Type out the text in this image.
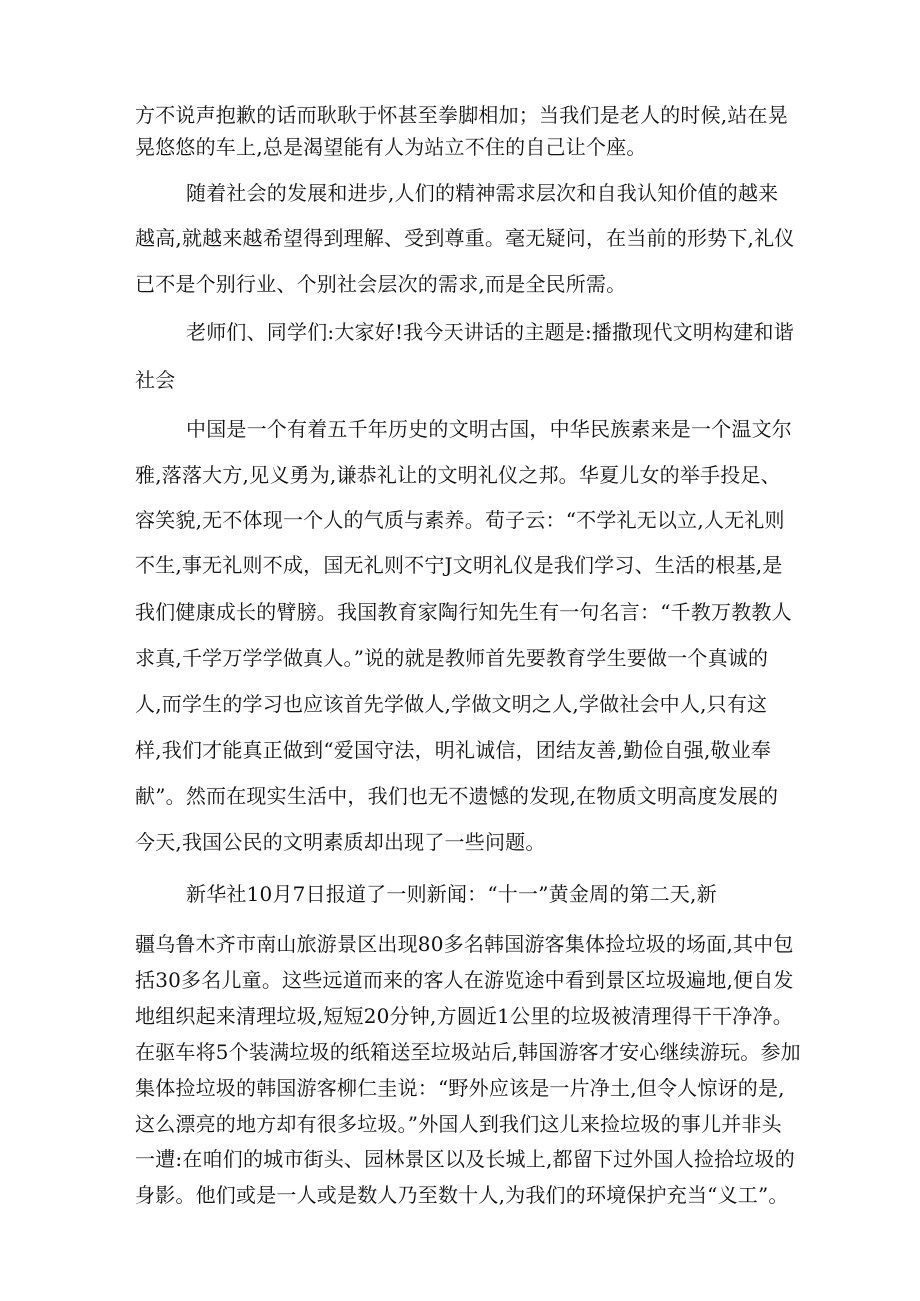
方不说声抱歉的话而耿耿于怀甚至拳脚相加；当我们是老人的时候,站在晃
晃悠悠的车上,总是渴望能有人为站立不住的自己让个座。
随着社会的发展和进步,人们的精神需求层次和自我认知价值的越来
越高,就越来越希望得到理解、受到尊重。毫无疑问，在当前的形势下,礼仪
已不是个别行业、个别社会层次的需求,而是全民所需。
老师们、同学们:大家好!我今天讲话的主题是:播撒现代文明构建和谐
社会
中国是一个有着五千年历史的文明古国，中华民族素来是一个温文尔
雅,落落大方,见义勇为,谦恭礼让的文明礼仪之邦。华夏儿女的举手投足、
容笑貌,无不体现一个人的气质与素养。荀子云：“不学礼无以立,人无礼则
不生,事无礼则不成，国无礼则不宁J文明礼仪是我们学习、生活的根基,是
我们健康成长的臂膀。我国教育家陶行知先生有一句名言：“千教万教教人
求真,千学万学学做真人。”说的就是教师首先要教育学生要做一个真诚的
人,而学生的学习也应该首先学做人,学做文明之人,学做社会中人,只有这
样,我们才能真正做到“爱国守法，明礼诚信，团结友善,勤俭自强,敬业奉
献”。然而在现实生活中，我们也无不遗憾的发现,在物质文明高度发展的
今天,我国公民的文明素质却出现了一些问题。
新华社10月7日报道了一则新闻：“十一”黄金周的第二天,新
疆乌鲁木齐市南山旅游景区出现80多名韩国游客集体捡垃圾的场面,其中包
括30多名儿童。这些远道而来的客人在游览途中看到景区垃圾遍地,便自发
地组织起来清理垃圾,短短20分钟,方圆近1公里的垃圾被清理得干干净净。
在驱车将5个装满垃圾的纸箱送至垃圾站后,韩国游客才安心继续游玩。参加
集体捡垃圾的韩国游客柳仁圭说：“野外应该是一片净土,但令人惊讶的是,
这么漂亮的地方却有很多垃圾。”外国人到我们这儿来捡垃圾的事儿并非头
一遭:在咱们的城市街头、园林景区以及长城上,都留下过外国人捡拾垃圾的
身影。他们或是一人或是数人乃至数十人,为我们的环境保护充当“义工”。
